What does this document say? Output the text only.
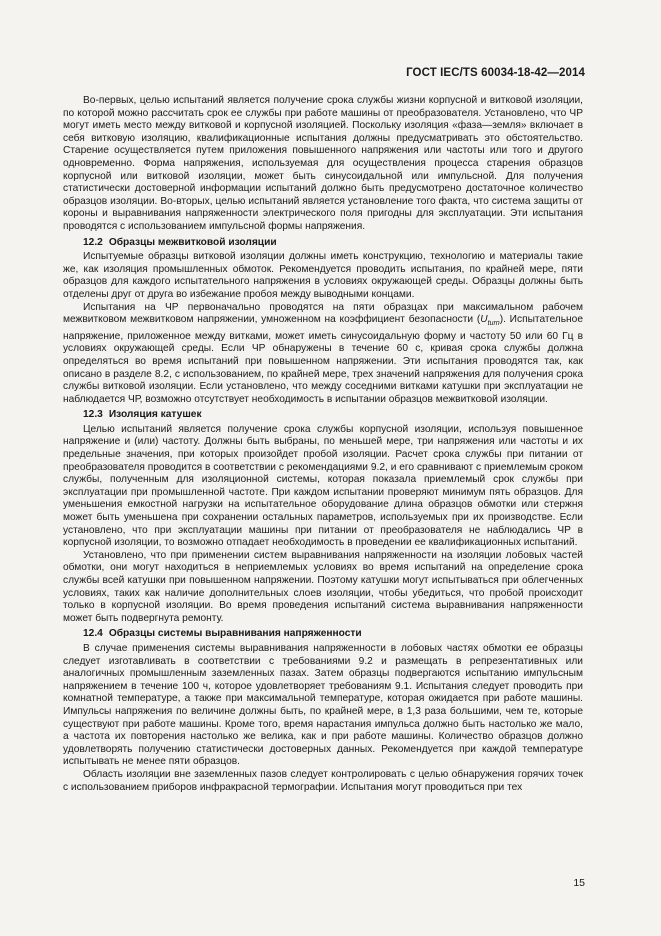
ГОСТ IEC/TS 60034-18-42—2014

Во-первых, целью испытаний является получение срока службы жизни корпусной и витковой изоляции, по которой можно рассчитать срок ее службы при работе машины от преобразователя. Установлено, что ЧР могут иметь место между витковой и корпусной изоляцией. Поскольку изоляция «фаза—земля» включает в себя витковую изоляцию, квалификационные испытания должны предусматривать это обстоятельство. Старение осуществляется путем приложения повышенного напряжения или частоты или того и другого одновременно. Форма напряжения, используемая для осуществления процесса старения образцов корпусной или витковой изоляции, может быть синусоидальной или импульсной. Для получения статистически достоверной информации испытаний должно быть предусмотрено достаточное количество образцов изоляции. Во-вторых, целью испытаний является установление того факта, что система защиты от короны и выравнивания напряженности электрического поля пригодны для эксплуатации. Эти испытания проводятся с использованием импульсной формы напряжения.

12.2 Образцы межвитковой изоляции

Испытуемые образцы витковой изоляции должны иметь конструкцию, технологию и материалы такие же, как изоляция промышленных обмоток. Рекомендуется проводить испытания, по крайней мере, пяти образцов для каждого испытательного напряжения в условиях окружающей среды. Образцы должны быть отделены друг от друга во избежание пробоя между выводными концами.

Испытания на ЧР первоначально проводятся на пяти образцах при максимальном рабочем межвитковом межвитковом напряжении, умноженном на коэффициент безопасности $(U_{turn})$. Испытательное напряжение, приложенное между витками, может иметь синусоидальную форму и частоту 50 или 60 Гц в условиях окружающей среды. Если ЧР обнаружены в течение 60 с, кривая срока службы должна определяться во время испытаний при повышенном напряжении. Эти испытания проводятся так, как описано в разделе 8.2, с использованием, по крайней мере, трех значений напряжения для получения срока службы витковой изоляции. Если установлено, что между соседними витками катушки при эксплуатации не наблюдается ЧР, возможно отсутствует необходимость в испытании образцов межвитковой изоляции.

12.3 Изоляция катушек

Целью испытаний является получение срока службы корпусной изоляции, используя повышенное напряжение и (или) частоту. Должны быть выбраны, по меньшей мере, три напряжения или частоты и их предельные значения, при которых произойдет пробой изоляции. Расчет срока службы при питании от преобразователя проводится в соответствии с рекомендациями 9.2, и его сравнивают с приемлемым сроком службы, полученным для изоляционной системы, которая показала приемлемый срок службы при эксплуатации при промышленной частоте. При каждом испытании проверяют минимум пять образцов. Для уменьшения емкостной нагрузки на испытательное оборудование длина образцов обмотки или стержня может быть уменьшена при сохранении остальных параметров, используемых при их производстве. Если установлено, что при эксплуатации машины при питании от преобразователя не наблюдались ЧР в корпусной изоляции, то возможно отпадает необходимость в проведении ее квалификационных испытаний.

Установлено, что при применении систем выравнивания напряженности на изоляции лобовых частей обмотки, они могут находиться в неприемлемых условиях во время испытаний на определение срока службы всей катушки при повышенном напряжении. Поэтому катушки могут испытываться при облегченных условиях, таких как наличие дополнительных слоев изоляции, чтобы убедиться, что пробой происходит только в корпусной изоляции. Во время проведения испытаний система выравнивания напряженности может быть подвергнута ремонту.

12.4 Образцы системы выравнивания напряженности

В случае применения системы выравнивания напряженности в лобовых частях обмотки ее образцы следует изготавливать в соответствии с требованиями 9.2 и размещать в репрезентативных или аналогичных промышленным заземленных пазах. Затем образцы подвергаются испытанию импульсным напряжением в течение 100 ч, которое удовлетворяет требованиям 9.1. Испытания следует проводить при комнатной температуре, а также при максимальной температуре, которая ожидается при работе машины. Импульсы напряжения по величине должны быть, по крайней мере, в 1,3 раза большими, чем те, которые существуют при работе машины. Кроме того, время нарастания импульса должно быть настолько же мало, а частота их повторения настолько же велика, как и при работе машины. Количество образцов должно удовлетворять получению статистически достоверных данных. Рекомендуется при каждой температуре испытывать не менее пяти образцов.

Область изоляции вне заземленных пазов следует контролировать с целью обнаружения горячих точек с использованием приборов инфракрасной термографии. Испытания могут проводиться при тех

15
